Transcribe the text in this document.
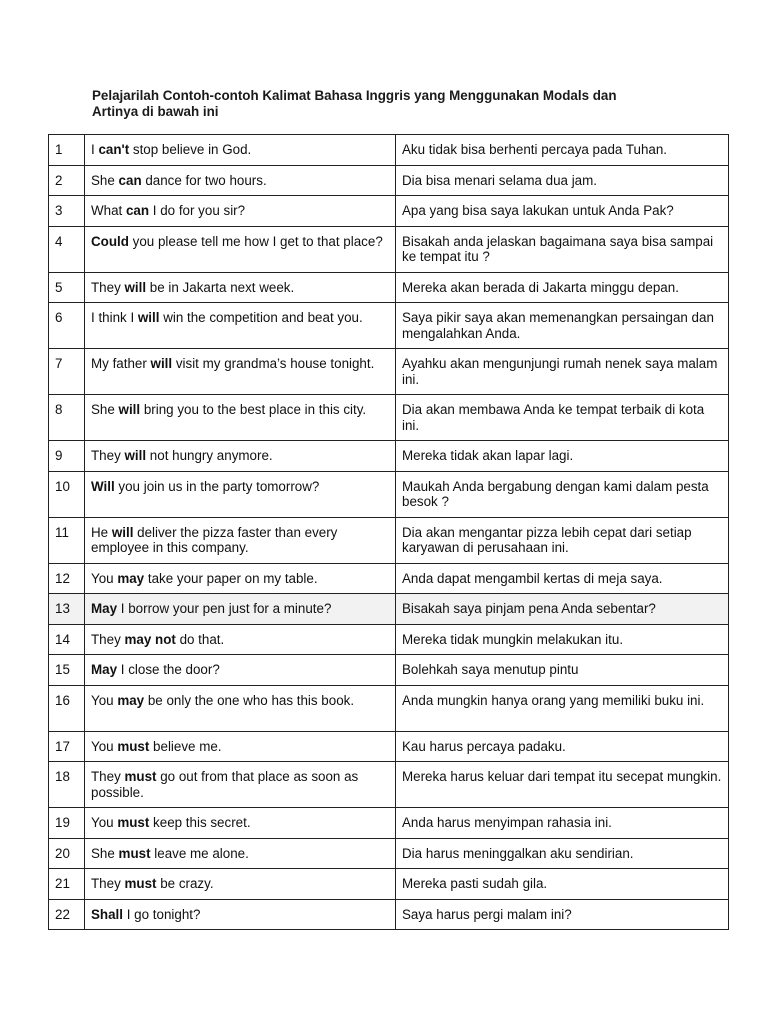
Pelajarilah Contoh-contoh Kalimat Bahasa Inggris yang Menggunakan Modals dan
Artinya di bawah ini
1	I can't stop believe in God.	Aku tidak bisa berhenti percaya pada Tuhan.
2	She can dance for two hours.	Dia bisa menari selama dua jam.
3	What can I do for you sir?	Apa yang bisa saya lakukan untuk Anda Pak?
4	Could you please tell me how I get to that place?	Bisakah anda jelaskan bagaimana saya bisa sampai ke tempat itu ?
5	They will be in Jakarta next week.	Mereka akan berada di Jakarta minggu depan.
6	I think I will win the competition and beat you.	Saya pikir saya akan memenangkan persaingan dan mengalahkan Anda.
7	My father will visit my grandma’s house tonight.	Ayahku akan mengunjungi rumah nenek saya malam ini.
8	She will bring you to the best place in this city.	Dia akan membawa Anda ke tempat terbaik di kota ini.
9	They will not hungry anymore.	Mereka tidak akan lapar lagi.
10	Will you join us in the party tomorrow?	Maukah Anda bergabung dengan kami dalam pesta besok ?
11	He will deliver the pizza faster than every employee in this company.	Dia akan mengantar pizza lebih cepat dari setiap karyawan di perusahaan ini.
12	You may take your paper on my table.	Anda dapat mengambil kertas di meja saya.
13	May I borrow your pen just for a minute?	Bisakah saya pinjam pena Anda sebentar?
14	They may not do that.	Mereka tidak mungkin melakukan itu.
15	May I close the door?	Bolehkah saya menutup pintu
16	You may be only the one who has this book.	Anda mungkin hanya orang yang memiliki buku ini.
17	You must believe me.	Kau harus percaya padaku.
18	They must go out from that place as soon as possible.	Mereka harus keluar dari tempat itu secepat mungkin.
19	You must keep this secret.	Anda harus menyimpan rahasia ini.
20	She must leave me alone.	Dia harus meninggalkan aku sendirian.
21	They must be crazy.	Mereka pasti sudah gila.
22	Shall I go tonight?	Saya harus pergi malam ini?
